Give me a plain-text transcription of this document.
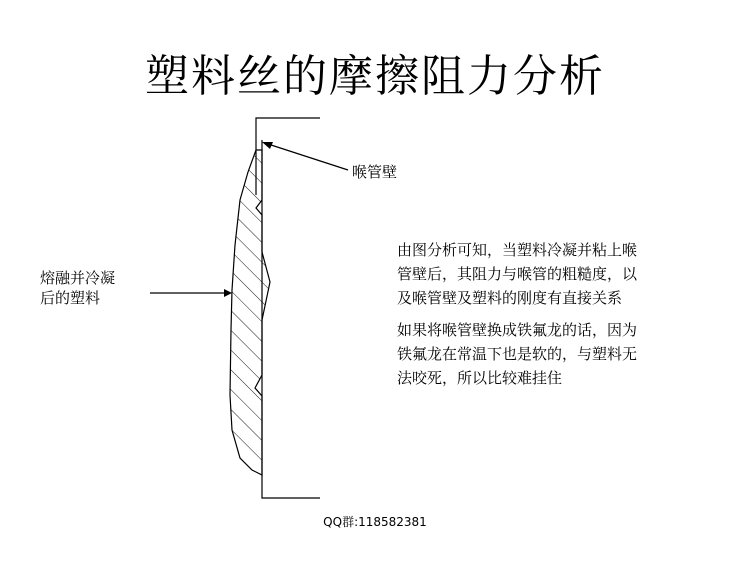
塑料丝的摩擦阻力分析
喉管壁
熔融并冷凝
后的塑料
由图分析可知，当塑料冷凝并粘上喉
管壁后，其阻力与喉管的粗糙度，以
及喉管壁及塑料的刚度有直接关系
如果将喉管壁换成铁氟龙的话，因为
铁氟龙在常温下也是软的，与塑料无
法咬死，所以比较难挂住
QQ群:118582381
